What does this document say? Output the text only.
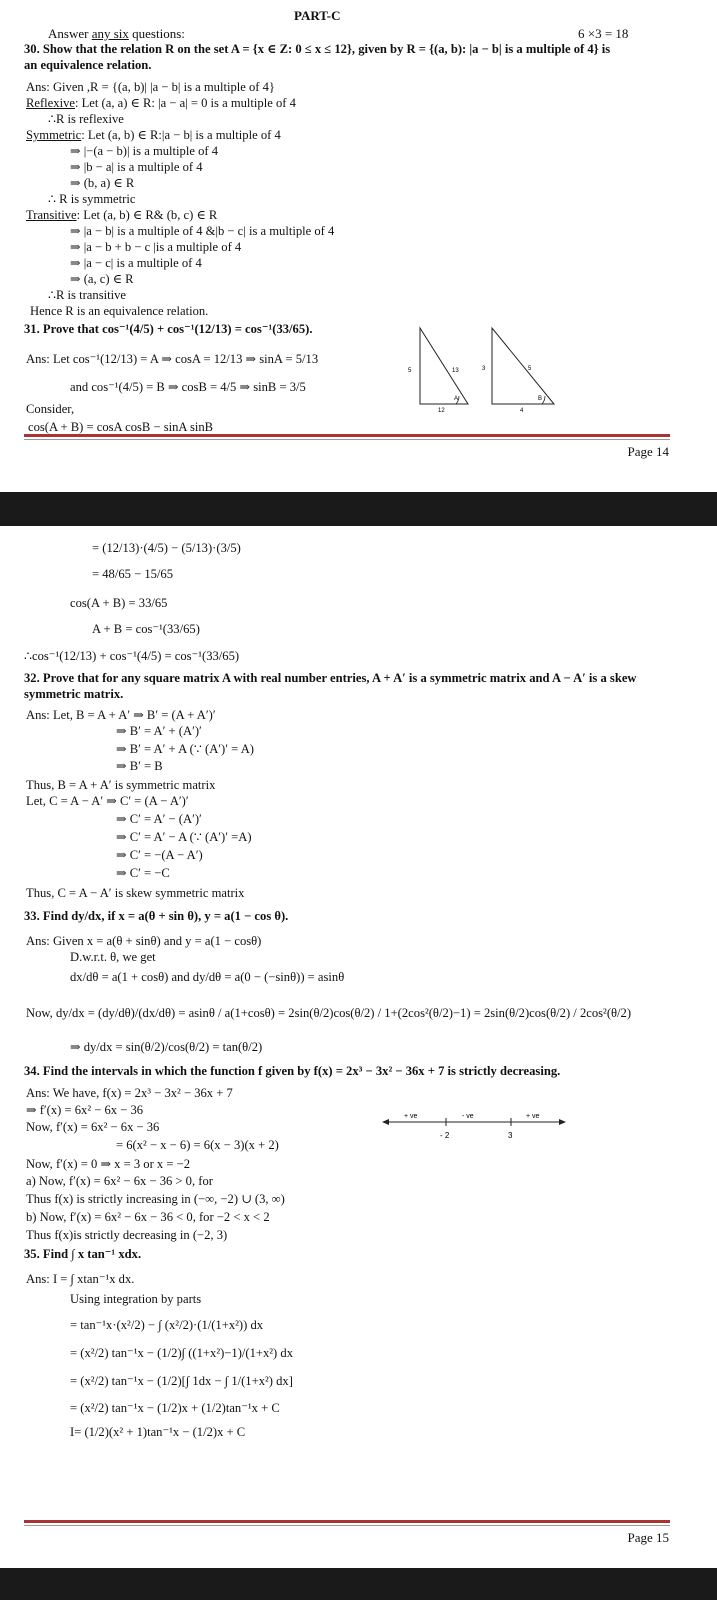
PART-C
Answer any six questions:	6 ×3 = 18
30. Show that the relation R on the set A = {x ∈ Z: 0 ≤ x ≤ 12}, given by R = {(a, b): |a − b| is a multiple of 4} is
an equivalence relation.
Ans: Given ,R = {(a, b)| |a − b| is a multiple of 4}
Reflexive: Let (a, a) ∈ R: |a − a| = 0 is a multiple of 4
∴R is reflexive
Symmetric: Let (a, b) ∈ R:|a − b| is a multiple of 4
⇒ |−(a − b)| is a multiple of 4
⇒ |b − a| is a multiple of 4
⇒ (b, a) ∈ R
∴ R is symmetric
Transitive: Let (a, b) ∈ R& (b, c) ∈ R
⇒ |a − b| is a multiple of 4 &|b − c| is a multiple of 4
⇒ |a − b + b − c |is a multiple of 4
⇒ |a − c| is a multiple of 4
⇒ (a, c) ∈ R
∴R is transitive
Hence R is an equivalence relation.
31. Prove that cos⁻¹(4/5) + cos⁻¹(12/13) = cos⁻¹(33/65).
Ans: Let cos⁻¹(12/13) = A ⇒ cosA = 12/13 ⇒ sinA = 5/13
and cos⁻¹(4/5) = B ⇒ cosB = 4/5 ⇒ sinB = 3/5
Consider,
cos(A + B) = cosA cosB − sinA sinB
= (12/13)·(4/5) − (5/13)·(3/5)
= 48/65 − 15/65
cos(A + B) = 33/65
A + B = cos⁻¹(33/65)
∴cos⁻¹(12/13) + cos⁻¹(4/5) = cos⁻¹(33/65)
32. Prove that for any square matrix A with real number entries, A + A′ is a symmetric matrix and A − A′ is a skew
symmetric matrix.
Ans: Let, B = A + A′ ⇒ B′ = (A + A′)′
⇒ B′ = A′ + (A′)′
⇒ B′ = A′ + A (∵ (A′)′ = A)
⇒ B′ = B
Thus, B = A + A′ is symmetric matrix
Let, C = A − A′ ⇒ C′ = (A − A′)′
⇒ C′ = A′ − (A′)′
⇒ C′ = A′ − A (∵ (A′)′ =A)
⇒ C′ = −(A − A′)
⇒ C′ = −C
Thus, C = A − A′ is skew symmetric matrix
33. Find dy/dx, if x = a(θ + sin θ), y = a(1 − cos θ).
Ans: Given x = a(θ + sinθ) and y = a(1 − cosθ)
D.w.r.t. θ, we get
dx/dθ = a(1 + cosθ) and dy/dθ = a(0 − (−sinθ)) = asinθ
Now, dy/dx = (dy/dθ)/(dx/dθ) = asinθ / a(1+cosθ) = 2sin(θ/2)cos(θ/2) / 1+(2cos²(θ/2)−1) = 2sin(θ/2)cos(θ/2) / 2cos²(θ/2)
⇒ dy/dx = sin(θ/2)/cos(θ/2) = tan(θ/2)
34. Find the intervals in which the function f given by f(x) = 2x³ − 3x² − 36x + 7 is strictly decreasing.
Ans: We have, f(x) = 2x³ − 3x² − 36x + 7
⇒ f′(x) = 6x² − 6x − 36
Now, f′(x) = 6x² − 6x − 36
= 6(x² − x − 6) = 6(x − 3)(x + 2)
Now, f′(x) = 0 ⇒ x = 3 or x = −2
a) Now, f′(x) = 6x² − 6x − 36 > 0, for
Thus f(x) is strictly increasing in (−∞, −2) ∪ (3, ∞)
b) Now, f′(x) = 6x² − 6x − 36 < 0, for −2 < x < 2
Thus f(x)is strictly decreasing in (−2, 3)
35. Find ∫ x tan⁻¹ xdx.
Ans: I = ∫ xtan⁻¹x dx.
Using integration by parts
= tan⁻¹x·(x²/2) − ∫ (x²/2)·(1/(1+x²)) dx
= (x²/2) tan⁻¹x − (1/2)∫ ((1+x²)−1)/(1+x²) dx
= (x²/2) tan⁻¹x − (1/2)[∫ 1dx − ∫ 1/(1+x²) dx]
= (x²/2) tan⁻¹x − (1/2)x + (1/2)tan⁻¹x + C
I= (1/2)(x² + 1)tan⁻¹x − (1/2)x + C
13
5
12
A
5
3
4
B
+ ve	- ve	+ ve
- 2	3
Page 14
Page 15
